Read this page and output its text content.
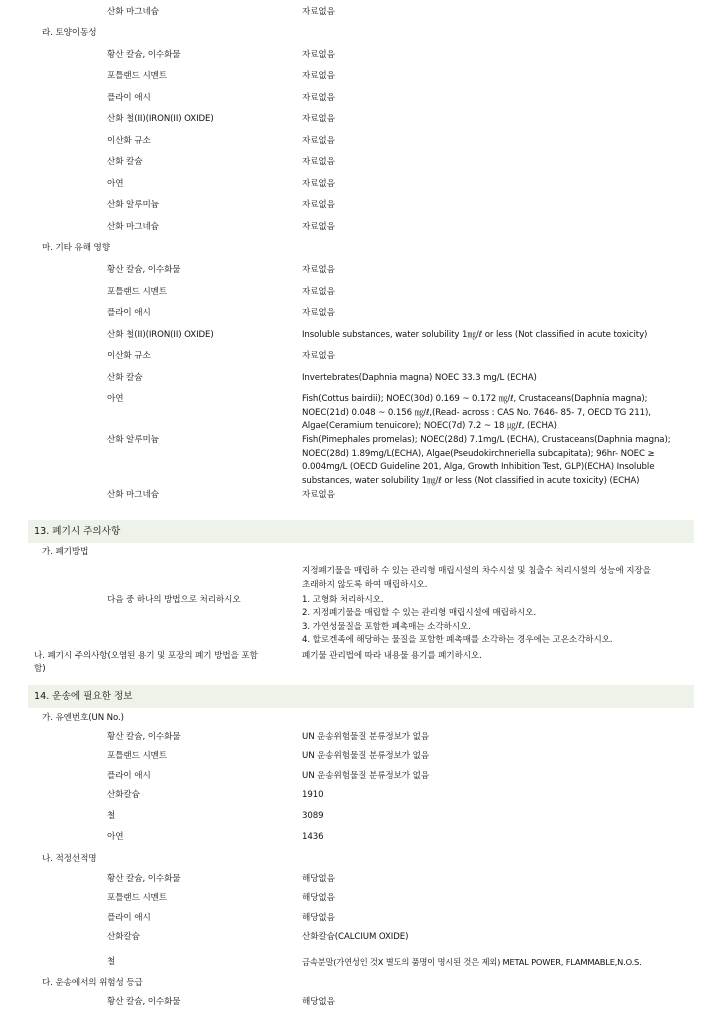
산화 마그네슘	자료없음
라. 토양이동성
황산 칼슘, 이수화물	자료없음
포틀랜드 시멘트	자료없음
플라이 애시	자료없음
산화 철(II)(IRON(II) OXIDE)	자료없음
이산화 규소	자료없음
산화 칼슘	자료없음
아연	자료없음
산화 알루미늄	자료없음
산화 마그네슘	자료없음
마. 기타 유해 영향
황산 칼슘, 이수화물	자료없음
포틀랜드 시멘트	자료없음
플라이 애시	자료없음
산화 철(II)(IRON(II) OXIDE)	Insoluble substances, water solubility 1㎎/ℓ or less (Not classified in acute toxicity)
이산화 규소	자료없음
산화 칼슘	Invertebrates(Daphnia magna) NOEC 33.3 mg/L (ECHA)
아연	Fish(Cottus bairdii); NOEC(30d) 0.169 ~ 0.172 ㎎/ℓ, Crustaceans(Daphnia magna);
NOEC(21d) 0.048 ~ 0.156 ㎎/ℓ,(Read- across : CAS No. 7646- 85- 7, OECD TG 211),
Algae(Ceramium tenuicore); NOEC(7d) 7.2 ~ 18 ㎍/ℓ, (ECHA)
산화 알루미늄	Fish(Pimephales promelas); NOEC(28d) 7.1mg/L (ECHA), Crustaceans(Daphnia magna);
NOEC(28d) 1.89mg/L(ECHA), Algae(Pseudokirchneriella subcapitata); 96hr- NOEC ≥
0.004mg/L (OECD Guideline 201, Alga, Growth Inhibition Test, GLP)(ECHA) Insoluble
substances, water solubility 1㎎/ℓ or less (Not classified in acute toxicity) (ECHA)
산화 마그네슘	자료없음
13. 폐기시 주의사항
가. 폐기방법
지정폐기물을 매립하 수 있는 관리형 매립시설의 차수시설 및 침출수 처리시설의 성능에 지장을
초래하지 않도록 하여 매립하시오.
다음 중 하나의 방법으로 처리하시오	1. 고형화 처리하시오.
2. 지정폐기물을 매립할 수 있는 관리형 매립시설에 매립하시오.
3. 가연성물질을 포함한 폐촉매는 소각하시오.
4. 할로겐족에 해당하는 물질을 포함한 폐촉매를 소각하는 경우에는 고온소각하시오.
나. 폐기시 주의사항(오염된 용기 및 포장의 폐기 방법을 포함
함)
폐기물 관리법에 따라 내용물 용기를 폐기하시오.
14. 운송에 필요한 정보
가. 유엔번호(UN No.)
황산 칼슘, 이수화물	UN 운송위험물질 분류정보가 없음
포틀랜드 시멘트	UN 운송위험물질 분류정보가 없음
플라이 애시	UN 운송위험물질 분류정보가 없음
산화칼슘	1910
철	3089
아연	1436
나. 적정선적명
황산 칼슘, 이수화물	해당없음
포틀랜드 시멘트	해당없음
플라이 애시	해당없음
산화칼슘	산화칼슘(CALCIUM OXIDE)
철	금속분말(가연성인 것X 별도의 품명이 명시된 것은 제외) METAL POWER, FLAMMABLE,N.O.S.
다. 운송에서의 위험성 등급
황산 칼슘, 이수화물	해당없음
